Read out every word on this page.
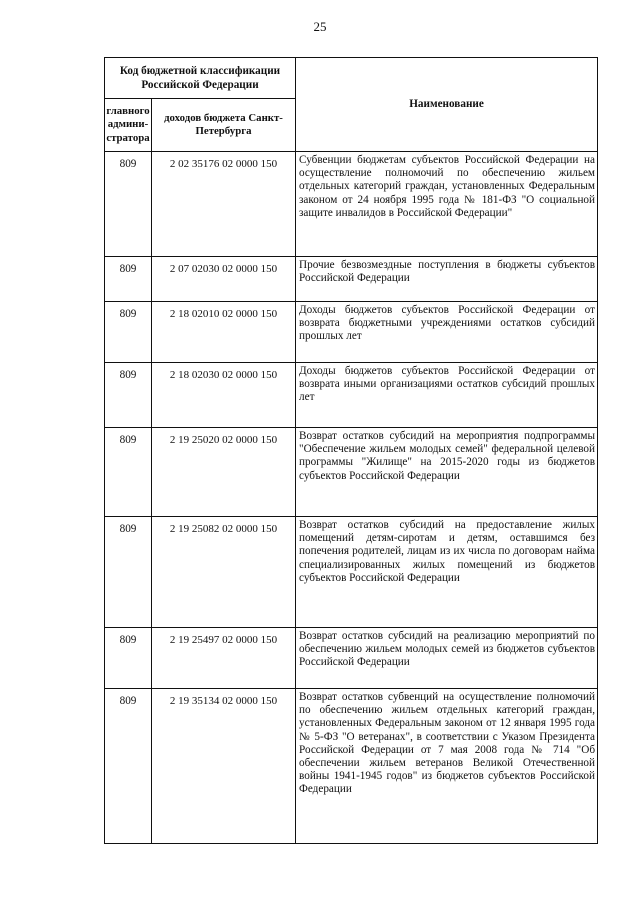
25
Код бюджетной классификации Российской Федерации		Наименование
главного админи-стратора	доходов бюджета Санкт-Петербурга	
809	2 02 35176 02 0000 150	Субвенции бюджетам субъектов Российской Федерации на осуществление полномочий по обеспечению жильем отдельных категорий граждан, установленных Федеральным законом от 24 ноября 1995 года № 181-ФЗ "О социальной защите инвалидов в Российской Федерации"
809	2 07 02030 02 0000 150	Прочие безвозмездные поступления в бюджеты субъектов Российской Федерации
809	2 18 02010 02 0000 150	Доходы бюджетов субъектов Российской Федерации от возврата бюджетными учреждениями остатков субсидий прошлых лет
809	2 18 02030 02 0000 150	Доходы бюджетов субъектов Российской Федерации от возврата иными организациями остатков субсидий прошлых лет
809	2 19 25020 02 0000 150	Возврат остатков субсидий на мероприятия подпрограммы "Обеспечение жильем молодых семей" федеральной целевой программы "Жилище" на 2015-2020 годы из бюджетов субъектов Российской Федерации
809	2 19 25082 02 0000 150	Возврат остатков субсидий на предоставление жилых помещений детям-сиротам и детям, оставшимся без попечения родителей, лицам из их числа по договорам найма специализированных жилых помещений из бюджетов субъектов Российской Федерации
809	2 19 25497 02 0000 150	Возврат остатков субсидий на реализацию мероприятий по обеспечению жильем молодых семей из бюджетов субъектов Российской Федерации
809	2 19 35134 02 0000 150	Возврат остатков субвенций на осуществление полномочий по обеспечению жильем отдельных категорий граждан, установленных Федеральным законом от 12 января 1995 года № 5-ФЗ "О ветеранах", в соответствии с Указом Президента Российской Федерации от 7 мая 2008 года № 714 "Об обеспечении жильем ветеранов Великой Отечественной войны 1941-1945 годов" из бюджетов субъектов Российской Федерации
